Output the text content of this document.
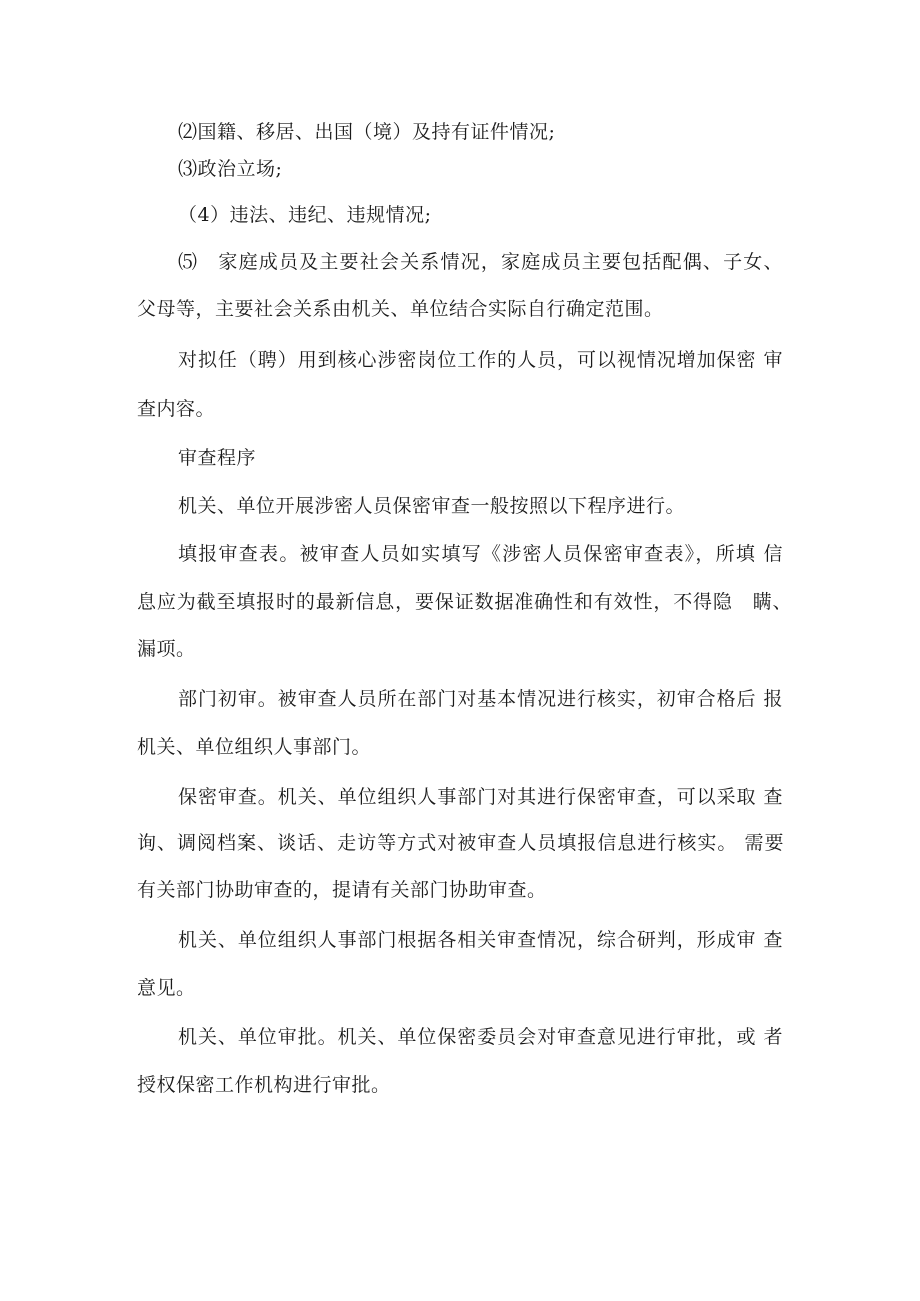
⑵国籍、移居、出国（境）及持有证件情况;
⑶政治立场;
（4）违法、违纪、违规情况;
⑸　家庭成员及主要社会关系情况，家庭成员主要包括配偶、子女、
父母等，主要社会关系由机关、单位结合实际自行确定范围。
对拟任（聘）用到核心涉密岗位工作的人员，可以视情况增加保密 审
查内容。
审查程序
机关、单位开展涉密人员保密审查一般按照以下程序进行。
填报审查表。被审查人员如实填写《涉密人员保密审查表》，所填 信
息应为截至填报时的最新信息，要保证数据准确性和有效性，不得隐　瞒、
漏项。
部门初审。被审查人员所在部门对基本情况进行核实，初审合格后 报
机关、单位组织人事部门。
保密审查。机关、单位组织人事部门对其进行保密审查，可以采取 查
询、调阅档案、谈话、走访等方式对被审查人员填报信息进行核实。 需要
有关部门协助审查的，提请有关部门协助审查。
机关、单位组织人事部门根据各相关审查情况，综合研判，形成审 查
意见。
机关、单位审批。机关、单位保密委员会对审查意见进行审批，或 者
授权保密工作机构进行审批。
